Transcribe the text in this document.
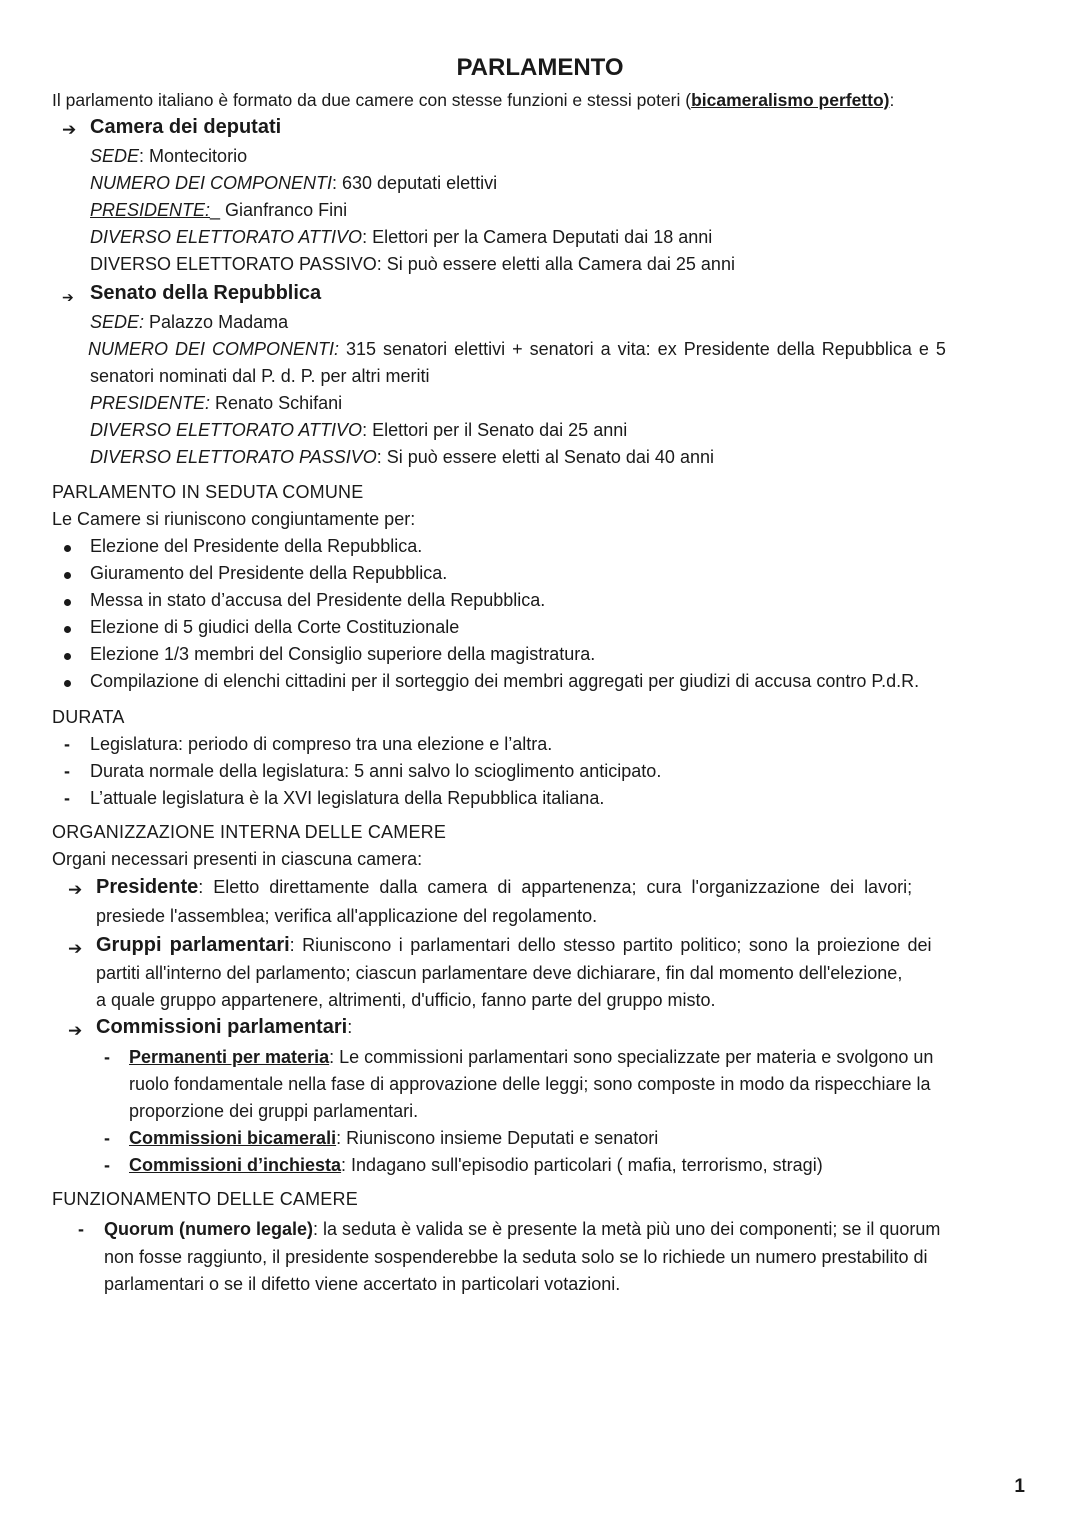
PARLAMENTO
Il parlamento italiano è formato da due camere con stesse funzioni e stessi poteri (bicameralismo perfetto):
➔ Camera dei deputati
SEDE: Montecitorio
NUMERO DEI COMPONENTI: 630 deputati elettivi
PRESIDENTE:_ Gianfranco Fini
DIVERSO ELETTORATO ATTIVO: Elettori per la Camera Deputati dai 18 anni
DIVERSO ELETTORATO PASSIVO: Si può essere eletti alla Camera dai 25 anni
➔ Senato della Repubblica
SEDE: Palazzo Madama
NUMERO DEI COMPONENTI: 315 senatori elettivi + senatori a vita: ex Presidente della Repubblica e 5
senatori nominati dal P. d. P. per altri meriti
PRESIDENTE: Renato Schifani
DIVERSO ELETTORATO ATTIVO: Elettori per il Senato dai 25 anni
DIVERSO ELETTORATO PASSIVO: Si può essere eletti al Senato dai 40 anni
PARLAMENTO IN SEDUTA COMUNE
Le Camere si riuniscono congiuntamente per:
Elezione del Presidente della Repubblica.
Giuramento del Presidente della Repubblica.
Messa in stato d’accusa del Presidente della Repubblica.
Elezione di 5 giudici della Corte Costituzionale
Elezione 1/3 membri del Consiglio superiore della magistratura.
Compilazione di elenchi cittadini per il sorteggio dei membri aggregati per giudizi di accusa contro P.d.R.
DURATA
- Legislatura: periodo di compreso tra una elezione e l’altra.
- Durata normale della legislatura: 5 anni salvo lo scioglimento anticipato.
- L’attuale legislatura è la XVI legislatura della Repubblica italiana.
ORGANIZZAZIONE INTERNA DELLE CAMERE
Organi necessari presenti in ciascuna camera:
➔ Presidente: Eletto direttamente dalla camera di appartenenza; cura l'organizzazione dei lavori;
presiede l'assemblea; verifica all'applicazione del regolamento.
➔ Gruppi parlamentari: Riuniscono i parlamentari dello stesso partito politico; sono la proiezione dei
partiti all'interno del parlamento; ciascun parlamentare deve dichiarare, fin dal momento dell'elezione,
a quale gruppo appartenere, altrimenti, d'ufficio, fanno parte del gruppo misto.
➔ Commissioni parlamentari:
- Permanenti per materia: Le commissioni parlamentari sono specializzate per materia e svolgono un
ruolo fondamentale nella fase di approvazione delle leggi; sono composte in modo da rispecchiare la
proporzione dei gruppi parlamentari.
- Commissioni bicamerali: Riuniscono insieme Deputati e senatori
- Commissioni d’inchiesta: Indagano sull'episodio particolari ( mafia, terrorismo, stragi)
FUNZIONAMENTO DELLE CAMERE
- Quorum (numero legale): la seduta è valida se è presente la metà più uno dei componenti; se il quorum
non fosse raggiunto, il presidente sospenderebbe la seduta solo se lo richiede un numero prestabilito di
parlamentari o se il difetto viene accertato in particolari votazioni.
1
